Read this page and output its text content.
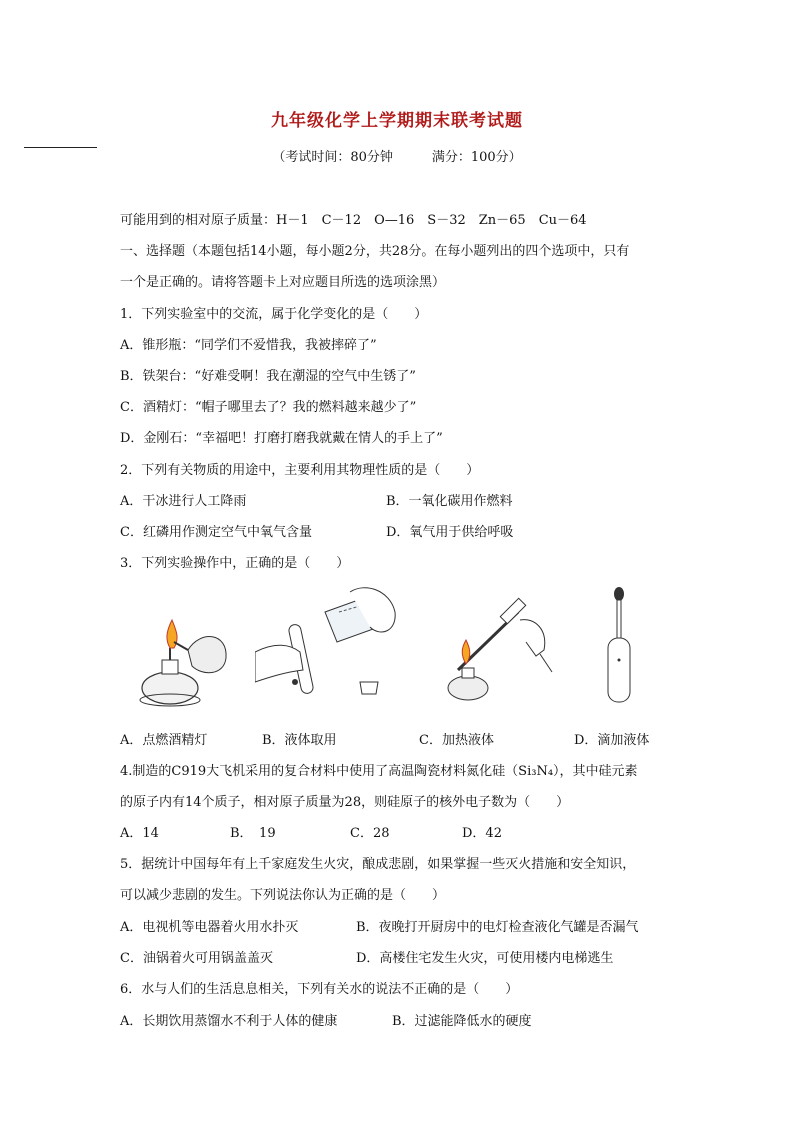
九年级化学上学期期末联考试题
（考试时间：80分钟　　　满分：100分）
可能用到的相对原子质量：H－1　C－12　O—16　S－32　Zn－65　Cu－64
一、选择题（本题包括14小题，每小题2分，共28分。在每小题列出的四个选项中，只有
一个是正确的。请将答题卡上对应题目所选的选项涂黑）
1．下列实验室中的交流，属于化学变化的是（　　）
A．锥形瓶：“同学们不爱惜我，我被摔碎了”
B．铁架台：“好难受啊！我在潮湿的空气中生锈了”
C．酒精灯：“帽子哪里去了？我的燃料越来越少了”
D．金刚石：“幸福吧！打磨打磨我就戴在情人的手上了”
2．下列有关物质的用途中，主要利用其物理性质的是（　　）
A．干冰进行人工降雨	B．一氧化碳用作燃料
C．红磷用作测定空气中氧气含量	D．氧气用于供给呼吸
3．下列实验操作中，正确的是（　　）
A．点燃酒精灯	B．液体取用	C．加热液体	D．滴加液体
4.制造的C919大飞机采用的复合材料中使用了高温陶瓷材料氮化硅（Si₃N₄），其中硅元素
的原子内有14个质子，相对原子质量为28，则硅原子的核外电子数为（　　）
A．14	B．　19	C．28	D．42
5．据统计中国每年有上千家庭发生火灾，酿成悲剧，如果掌握一些灭火措施和安全知识，
可以减少悲剧的发生。下列说法你认为正确的是（　　）
A．电视机等电器着火用水扑灭	B．夜晚打开厨房中的电灯检查液化气罐是否漏气
C．油锅着火可用锅盖盖灭	D．高楼住宅发生火灾，可使用楼内电梯逃生
6．水与人们的生活息息相关，下列有关水的说法不正确的是（　　）
A．长期饮用蒸馏水不利于人体的健康	B．过滤能降低水的硬度
